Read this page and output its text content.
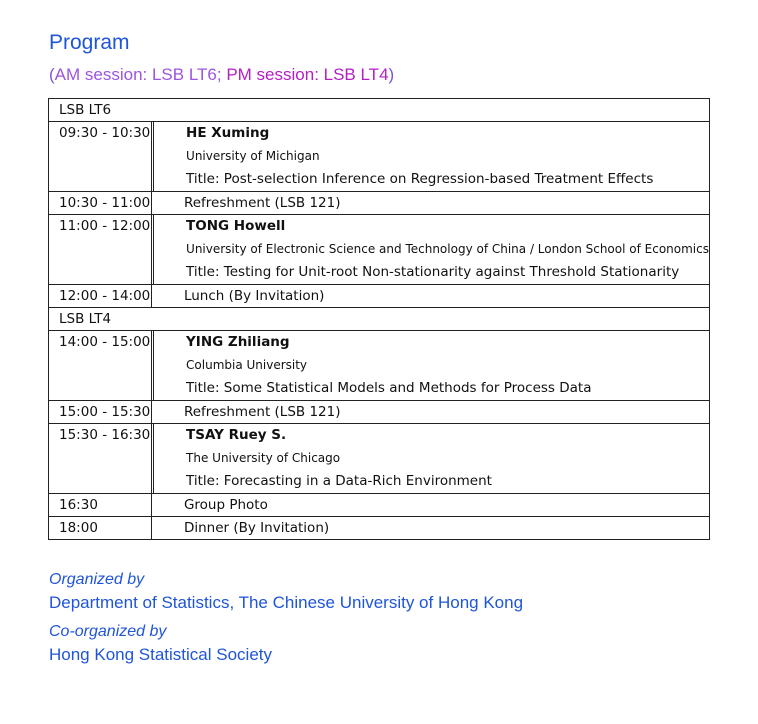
Program
(AM session: LSB LT6; PM session: LSB LT4)
LSB LT6		

09:30 - 10:30		HE Xuming
University of Michigan
Title: Post-selection Inference on Regression-based Treatment Effects

10:30 - 11:00	Refreshment (LSB 121)	

11:00 - 12:00		TONG Howell
University of Electronic Science and Technology of China / London School of Economics
Title: Testing for Unit-root Non-stationarity against Threshold Stationarity

12:00 - 14:00	Lunch (By Invitation)	
LSB LT4		

14:00 - 15:00		YING Zhiliang
Columbia University
Title: Some Statistical Models and Methods for Process Data

15:00 - 15:30	Refreshment (LSB 121)	

15:30 - 16:30		TSAY Ruey S.
The University of Chicago
Title: Forecasting in a Data-Rich Environment

16:30	Group Photo	
18:00	Dinner (By Invitation)	
Organized by
Department of Statistics, The Chinese University of Hong Kong
Co-organized by
Hong Kong Statistical Society
